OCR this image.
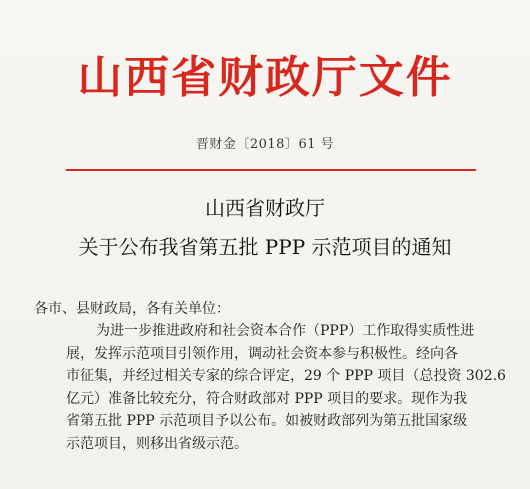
山西省财政厅文件
晋财金〔2018〕61 号
山西省财政厅
关于公布我省第五批 PPP 示范项目的通知
各市、县财政局，各有关单位：
为进一步推进政府和社会资本合作（PPP）工作取得实质性进
展，发挥示范项目引领作用，调动社会资本参与积极性。经向各
市征集，并经过相关专家的综合评定，29 个 PPP 项目（总投资 302.6
亿元）准备比较充分，符合财政部对 PPP 项目的要求。现作为我
省第五批 PPP 示范项目予以公布。如被财政部列为第五批国家级
示范项目，则移出省级示范。
